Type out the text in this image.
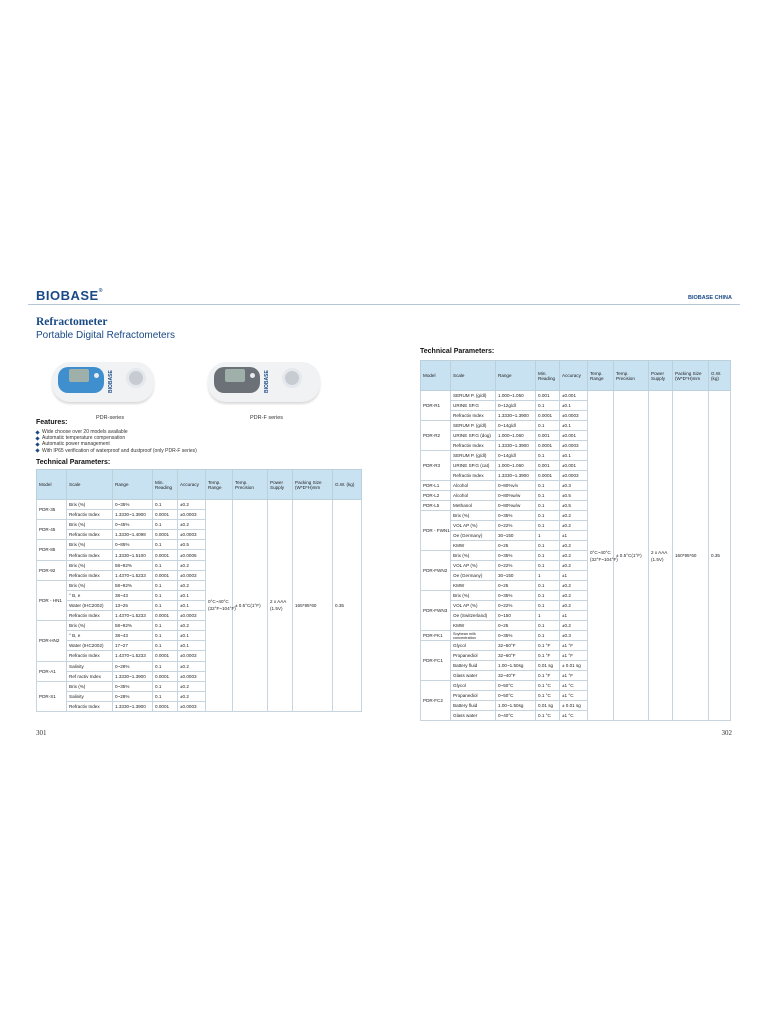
BIOBASE®
BIOBASE CHINA
Refractometer
Portable Digital Refractometers
BIOBASE	BIOBASE
PDR-series	PDR-F series
Features:
Wide choose over 20 models available
Automatic temperature compensation
Automatic power management
With IP65 verification of waterproof and dustproof (only PDR-F series)
Technical Parameters:
Technical Parameters:
Model	Scale	Range	Min. Reading	Accuracy	Temp. Range	Temp. Precision	Power Supply	Packing Size (W*D*H)mm	G.W. (kg)
PDR-35	Brix (%)	0~35%	0.1	±0.2	0°C~40°C (32°F~104°F)	± 0.5°C(1°F)	2 x AAA (1.5V)	165*95*60	0.35
	Refractiv Index	1.3330~1.3900	0.0001	±0.0003					
PDR-45	Brix (%)	0~45%	0.1	±0.2					
	Refractiv Index	1.3330~1.4098	0.0001	±0.0003					
PDR-85	Brix (%)	0~85%	0.1	±0.5					
	Refractiv Index	1.3330~1.5100	0.0001	±0.0005					
PDR-92	Brix (%)	58~92%	0.1	±0.2					
	Refractiv Index	1.4370~1.5233	0.0001	±0.0003					
PDR - HN1	Brix (%)	58~92%	0.1	±0.2					
	° B, e	38~43	0.1	±0.1					
	Water (IHC2002)	13~25	0.1	±0.1					
	Refractiv Index	1.4370~1.5233	0.0001	±0.0003					
PDR-HN2	Brix (%)	58~92%	0.1	±0.2					
	° B, e	38~43	0.1	±0.1					
	Water (IHC2002)	17~27	0.1	±0.1					
	Refractiv Index	1.4370~1.5233	0.0001	±0.0003					
PDR-A1	Salinity	0~28%	0.1	±0.2					
	Ref ractiv Index	1.3330~1.3900	0.0001	±0.0003					
PDR-S1	Brix (%)	0~35%	0.1	±0.2					
	Salinity	0~28%	0.1	±0.2					
	Refractiv Index	1.3330~1.3900	0.0001	±0.0003					
Model	Scale	Range	Min. Reading	Accuracy	Temp. Range	Temp. Precision	Power Supply	Packing Size (W*D*H)mm	G.W. (kg)
PDR-R1	SERUM P. (g/dl)	1.000~1.050	0.001	±0.001	0°C~40°C (32°F~104°F)	± 0.5°C(1°F)	2 x AAA (1.5V)	160*95*60	0.35
	URINE SP.G	0~12g/dl	0.1	±0.1					
	Refractiv Index	1.3330~1.3900	0.0001	±0.0003					
PDR-R2	SERUM P. (g/dl)	0~14g/dl	0.1	±0.1					
	URINE SP.G (dog)	1.000~1.060	0.001	±0.001					
	Refractiv Index	1.3330~1.3900	0.0001	±0.0003					
PDR-R3	SERUM P. (g/dl)	0~14g/dl	0.1	±0.1					
	URINE SP.G (cat)	1.000~1.060	0.001	±0.001					
	Refractiv Index	1.3330~1.3900	0.0001	±0.0003					
PDR-L1	Alcohol	0~80%v/v	0.1	±0.3					
PDR-L2	Alcohol	0~80%w/w	0.1	±0.5					
PDR-L5	Methanol	0~80%w/w	0.1	±0.5					
PDR - FWN1	Brix (%)	0~35%	0.1	±0.2					
	VOL AP (%)	0~22%	0.1	±0.2					
	Oe (Germany)	30~150	1	±1					
	KMW	0~25	0.1	±0.2					
PDR-FWN2	Brix (%)	0~35%	0.1	±0.2					
	VOL AP (%)	0~22%	0.1	±0.2					
	Oe (Germany)	30~150	1	±1					
	KMW	0~25	0.1	±0.2					
PDR-FWN3	Brix (%)	0~35%	0.1	±0.2					
	VOL AP (%)	0~22%	0.1	±0.2					
	Oe (Switzerland)	0~150	1	±1					
	KMW	0~25	0.1	±0.2					
PDR-FK1	Soybean milk concentration	0~35%	0.1	±0.3					
PDR-FC1	Glycol	32~50°F	0.1 °F	±1 °F					
	Propanediol	32~60°F	0.1 °F	±1 °F					
	Battery fluid	1.00~1.50sg	0.01 sg	± 0.01 sg					
	Glass water	32~40°F	0.1 °F	±1 °F					
PDR-FC2	Glycol	0~50°C	0.1 °C	±1 °C					
	Propanediol	0~50°C	0.1 °C	±1 °C					
	Battery fluid	1.00~1.50sg	0.01 sg	± 0.01 sg					
	Glass water	0~40°C	0.1 °C	±1 °C					
301	302
